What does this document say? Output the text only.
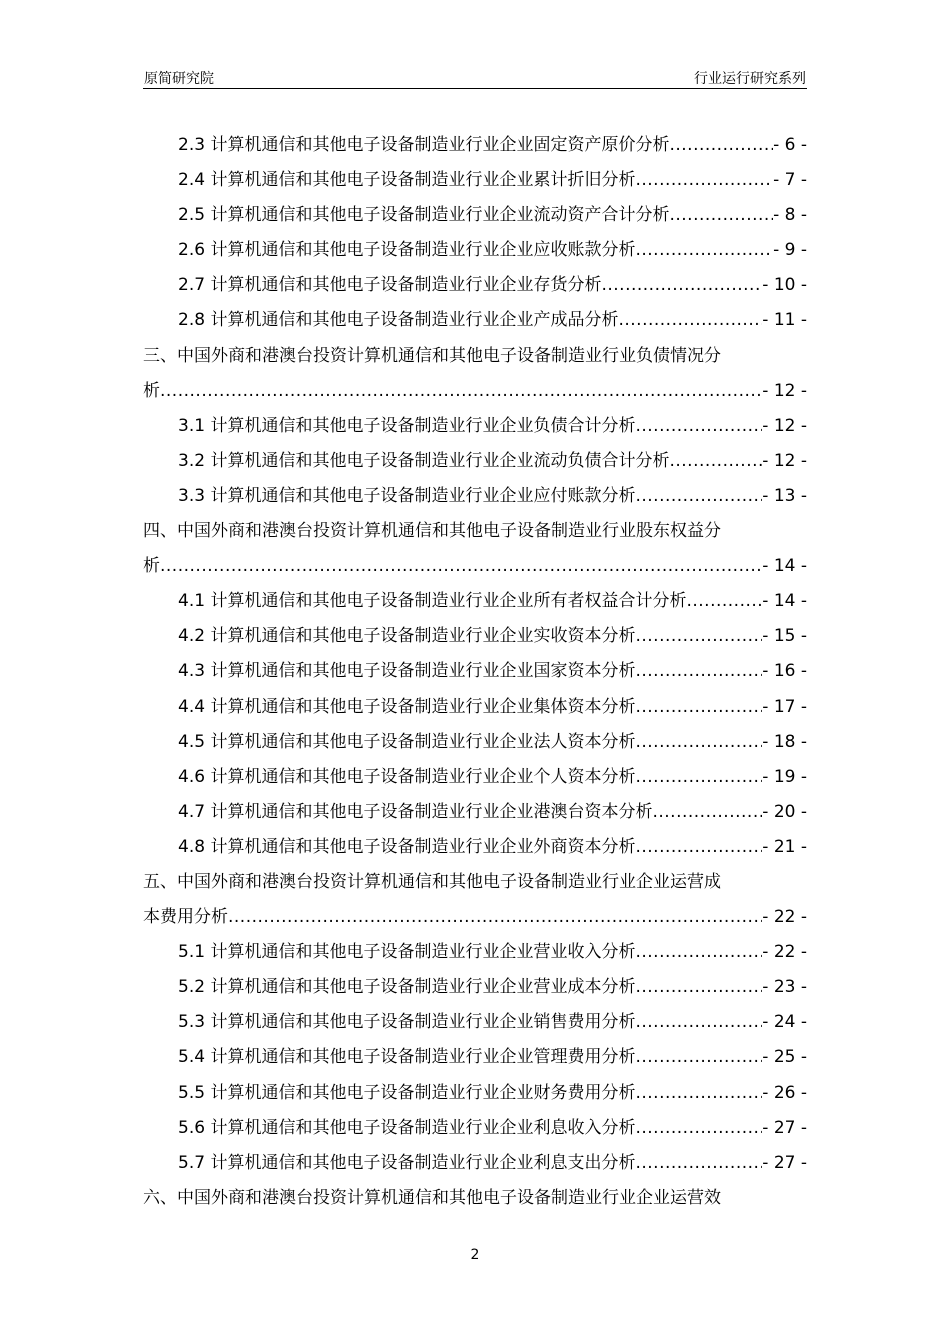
原简研究院	行业运行研究系列
2.3 计算机通信和其他电子设备制造业行业企业固定资产原价分析 .....	- 6 -
2.4 计算机通信和其他电子设备制造业行业企业累计折旧分析 .....	- 7 -
2.5 计算机通信和其他电子设备制造业行业企业流动资产合计分析 .....	- 8 -
2.6 计算机通信和其他电子设备制造业行业企业应收账款分析 .....	- 9 -
2.7 计算机通信和其他电子设备制造业行业企业存货分析 .....	- 10 -
2.8 计算机通信和其他电子设备制造业行业企业产成品分析 .....	- 11 -
三、中国外商和港澳台投资计算机通信和其他电子设备制造业行业负债情况分
析 .....	- 12 -
3.1 计算机通信和其他电子设备制造业行业企业负债合计分析 .....	- 12 -
3.2 计算机通信和其他电子设备制造业行业企业流动负债合计分析 .....	- 12 -
3.3 计算机通信和其他电子设备制造业行业企业应付账款分析 .....	- 13 -
四、中国外商和港澳台投资计算机通信和其他电子设备制造业行业股东权益分
析 .....	- 14 -
4.1 计算机通信和其他电子设备制造业行业企业所有者权益合计分析 .....	- 14 -
4.2 计算机通信和其他电子设备制造业行业企业实收资本分析 .....	- 15 -
4.3 计算机通信和其他电子设备制造业行业企业国家资本分析 .....	- 16 -
4.4 计算机通信和其他电子设备制造业行业企业集体资本分析 .....	- 17 -
4.5 计算机通信和其他电子设备制造业行业企业法人资本分析 .....	- 18 -
4.6 计算机通信和其他电子设备制造业行业企业个人资本分析 .....	- 19 -
4.7 计算机通信和其他电子设备制造业行业企业港澳台资本分析 .....	- 20 -
4.8 计算机通信和其他电子设备制造业行业企业外商资本分析 .....	- 21 -
五、中国外商和港澳台投资计算机通信和其他电子设备制造业行业企业运营成
本费用分析 .....	- 22 -
5.1 计算机通信和其他电子设备制造业行业企业营业收入分析 .....	- 22 -
5.2 计算机通信和其他电子设备制造业行业企业营业成本分析 .....	- 23 -
5.3 计算机通信和其他电子设备制造业行业企业销售费用分析 .....	- 24 -
5.4 计算机通信和其他电子设备制造业行业企业管理费用分析 .....	- 25 -
5.5 计算机通信和其他电子设备制造业行业企业财务费用分析 .....	- 26 -
5.6 计算机通信和其他电子设备制造业行业企业利息收入分析 .....	- 27 -
5.7 计算机通信和其他电子设备制造业行业企业利息支出分析 .....	- 27 -
六、中国外商和港澳台投资计算机通信和其他电子设备制造业行业企业运营效
2
